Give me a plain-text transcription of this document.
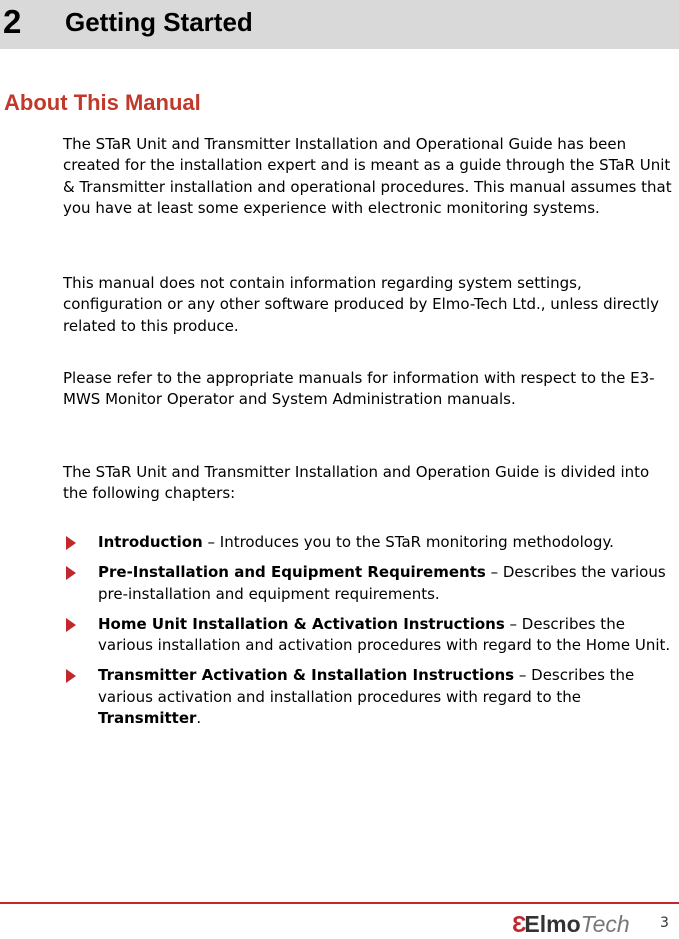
2 Getting Started
About This Manual

The STaR Unit and Transmitter Installation and Operational Guide has been created for the installation expert and is meant as a guide through the STaR Unit & Transmitter installation and operational procedures. This manual assumes that you have at least some experience with electronic monitoring systems.

This manual does not contain information regarding system settings, configuration or any other software produced by Elmo-Tech Ltd., unless directly related to this produce.

Please refer to the appropriate manuals for information with respect to the E3-MWS Monitor Operator and System Administration manuals.

The STaR Unit and Transmitter Installation and Operation Guide is divided into the following chapters:

Introduction – Introduces you to the STaR monitoring methodology.
Pre-Installation and Equipment Requirements – Describes the various pre-installation and equipment requirements.
Home Unit Installation & Activation Instructions – Describes the various installation and activation procedures with regard to the Home Unit.
Transmitter Activation & Installation Instructions – Describes the various activation and installation procedures with regard to the Transmitter.
ƐElmoTech 3
